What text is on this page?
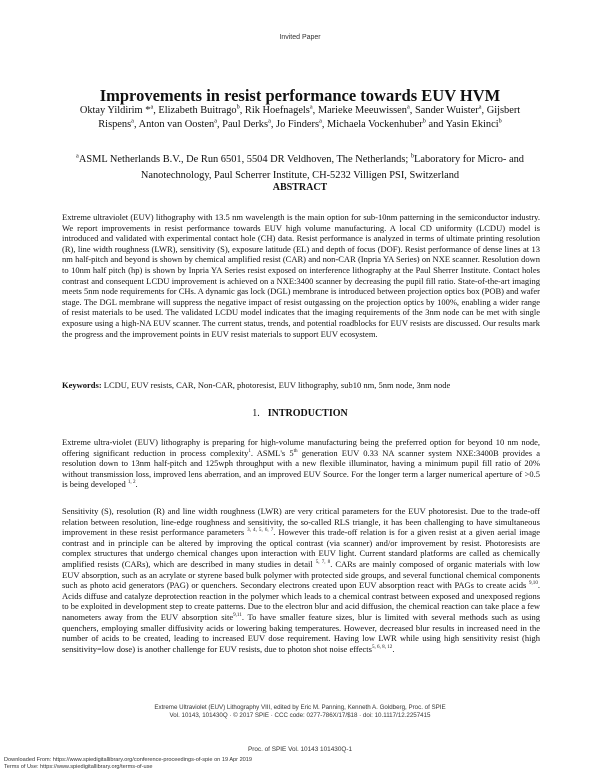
Invited Paper
Improvements in resist performance towards EUV HVM
Oktay Yildirim *$^a$, Elizabeth Buitrago$^b$, Rik Hoefnagels$^a$, Marieke Meeuwissen$^a$, Sander Wuister$^a$, Gijsbert Rispens$^a$, Anton van Oosten$^a$, Paul Derks$^a$, Jo Finders$^a$, Michaela Vockenhuber$^b$ and Yasin Ekinci$^b$
$^a$ASML Netherlands B.V., De Run 6501, 5504 DR Veldhoven, The Netherlands; $^b$Laboratory for Micro- and Nanotechnology, Paul Scherrer Institute, CH-5232 Villigen PSI, Switzerland
ABSTRACT
Extreme ultraviolet (EUV) lithography with 13.5 nm wavelength is the main option for sub-10nm patterning in the semiconductor industry. We report improvements in resist performance towards EUV high volume manufacturing. A local CD uniformity (LCDU) model is introduced and validated with experimental contact hole (CH) data. Resist performance is analyzed in terms of ultimate printing resolution (R), line width roughness (LWR), sensitivity (S), exposure latitude (EL) and depth of focus (DOF). Resist performance of dense lines at 13 nm half-pitch and beyond is shown by chemical amplified resist (CAR) and non-CAR (Inpria YA Series) on NXE scanner. Resolution down to 10nm half pitch (hp) is shown by Inpria YA Series resist exposed on interference lithography at the Paul Sherrer Institute. Contact holes contrast and consequent LCDU improvement is achieved on a NXE:3400 scanner by decreasing the pupil fill ratio. State-of-the-art imaging meets 5nm node requirements for CHs. A dynamic gas lock (DGL) membrane is introduced between projection optics box (POB) and wafer stage. The DGL membrane will suppress the negative impact of resist outgassing on the projection optics by 100%, enabling a wider range of resist materials to be used. The validated LCDU model indicates that the imaging requirements of the 3nm node can be met with single exposure using a high-NA EUV scanner. The current status, trends, and potential roadblocks for EUV resists are discussed. Our results mark the progress and the improvement points in EUV resist materials to support EUV ecosystem.
Keywords: LCDU, EUV resists, CAR, Non-CAR, photoresist, EUV lithography, sub10 nm, 5nm node, 3nm node
1. INTRODUCTION
Extreme ultra-violet (EUV) lithography is preparing for high-volume manufacturing being the preferred option for beyond 10 nm node, offering significant reduction in process complexity$^1$. ASML's 5th generation EUV 0.33 NA scanner system NXE:3400B provides a resolution down to 13nm half-pitch and 125wph throughput with a new flexible illuminator, having a minimum pupil fill ratio of 20% without transmission loss, improved lens aberration, and an improved EUV Source. For the longer term a larger numerical aperture of >0.5 is being developed $^{1, 2}$.
Sensitivity (S), resolution (R) and line width roughness (LWR) are very critical parameters for the EUV photoresist. Due to the trade-off relation between resolution, line-edge roughness and sensitivity, the so-called RLS triangle, it has been challenging to have simultaneous improvement in these resist performance parameters $^{3, 4, 5, 6, 7}$. However this trade-off relation is for a given resist at a given aerial image contrast and in principle can be altered by improving the optical contrast (via scanner) and/or improvement by resist. Photoresists are complex structures that undergo chemical changes upon interaction with EUV light. Current standard platforms are called as chemically amplified resists (CARs), which are described in many studies in detail $^{5, 7, 8}$. CARs are mainly composed of organic materials with low EUV absorption, such as an acrylate or styrene based bulk polymer with protected side groups, and several functional chemical components such as photo acid generators (PAG) or quenchers. Secondary electrons created upon EUV absorption react with PAGs to create acids $^{9,10}$. Acids diffuse and catalyze deprotection reaction in the polymer which leads to a chemical contrast between exposed and unexposed regions to be exploited in development step to create patterns. Due to the electron blur and acid diffusion, the chemical reaction can take place a few nanometers away from the EUV absorption site$^{9,11}$. To have smaller feature sizes, blur is limited with several methods such as using quenchers, employing smaller diffusivity acids or lowering baking temperatures. However, decreased blur results in increased need in the number of acids to be created, leading to increased EUV dose requirement. Having low LWR while using high sensitivity resist (high sensitivity=low dose) is another challenge for EUV resists, due to photon shot noise effects$^{5, 6, 8, 12}$.
Extreme Ultraviolet (EUV) Lithography VIII, edited by Eric M. Panning, Kenneth A. Goldberg, Proc. of SPIE
Vol. 10143, 101430Q · © 2017 SPIE · CCC code: 0277-786X/17/$18 · doi: 10.1117/12.2257415
Proc. of SPIE Vol. 10143 101430Q-1
Downloaded From: https://www.spiedigitallibrary.org/conference-proceedings-of-spie on 19 Apr 2019
Terms of Use: https://www.spiedigitallibrary.org/terms-of-use
